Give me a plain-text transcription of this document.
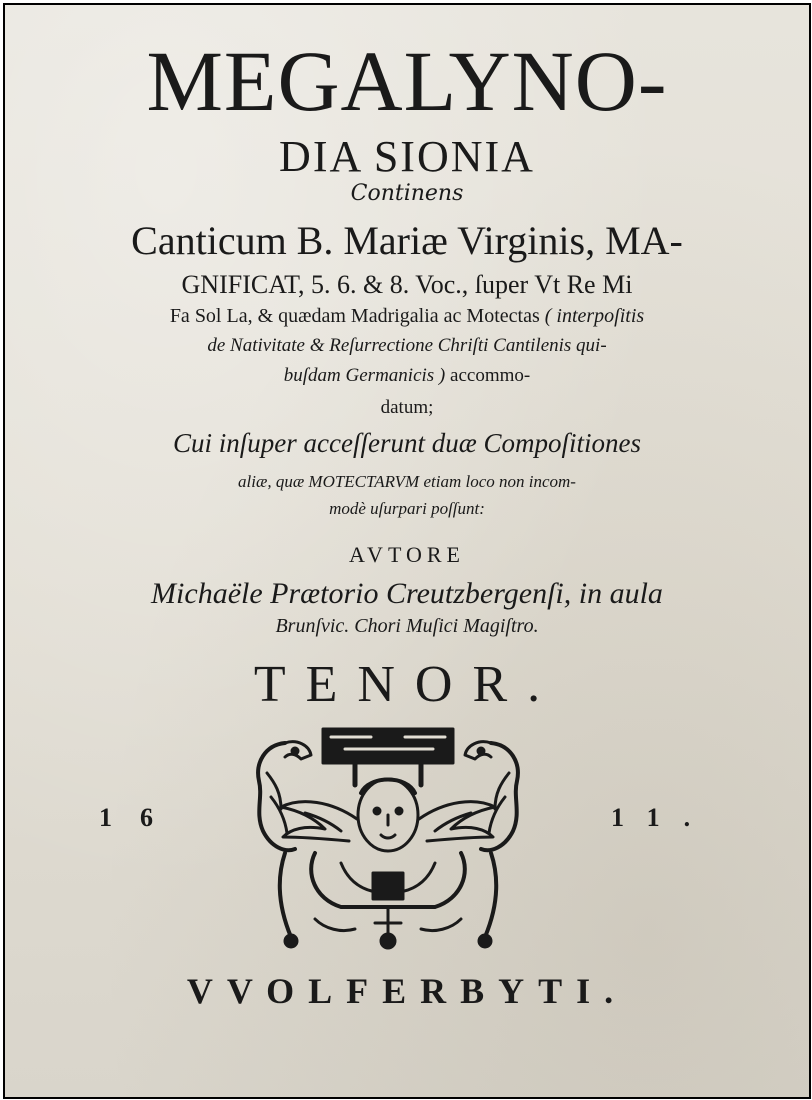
MEGALYNO-
DIA SIONIA
Continens
Canticum B. Mariæ Virginis, MA-
GNIFICAT, 5. 6. & 8. Voc., ſuper Vt Re Mi
Fa Sol La, & quædam Madrigalia ac Motectas ( interpoſitis
de Nativitate & Reſurrectione Chriſti Cantilenis qui-
buſdam Germanicis ) accommo-
datum;
Cui inſuper acceſſerunt duæ Compoſitiones
aliæ, quæ MOTECTARVM etiam loco non incom-
modè uſurpari poſſunt:
AVTORE
Michaële Prætorio Creutzbergenſi, in aula
Brunſvic. Chori Muſici Magiſtro.
TENOR.
16	11.
VVOLFERBYTI.
